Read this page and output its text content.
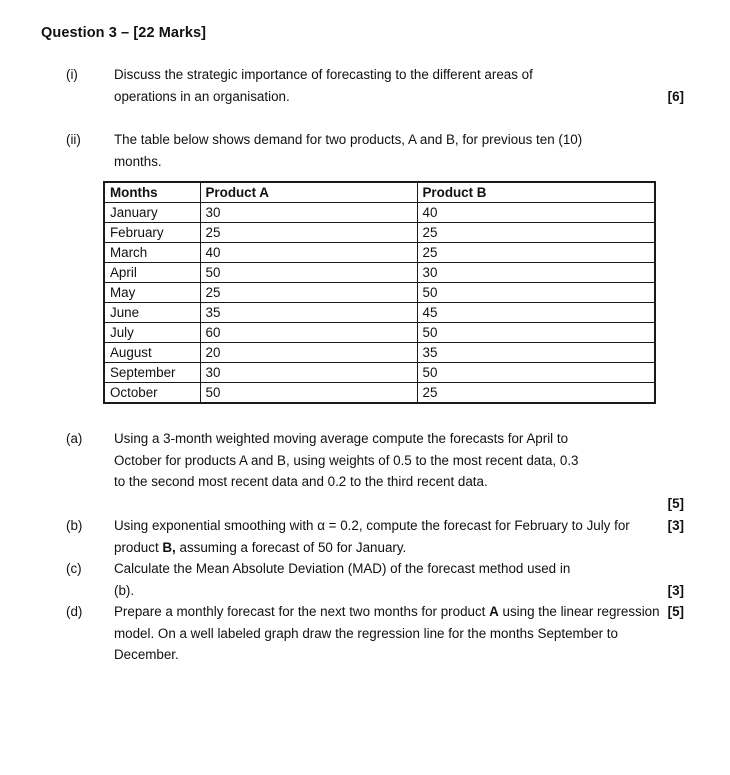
Question 3 – [22 Marks]
(i)	Discuss the strategic importance of forecasting to the different areas of
[6]
operations in an organisation.
(ii)	The table below shows demand for two products, A and B, for previous ten (10)
months.
Months	Product A	Product B
January	30	40
February	25	25
March	40	25
April	50	30
May	25	50
June	35	45
July	60	50
August	20	35
September	30	50
October	50	25
(a)	Using a 3-month weighted moving average compute the forecasts for April to
October for products A and B, using weights of 0.5 to the most recent data, 0.3
to the second most recent data and 0.2 to the third recent data.
[5]
(b)	[3]
Using exponential smoothing with α = 0.2, compute the forecast for February to July for product B, assuming a forecast of 50 for January.
(c)	Calculate the Mean Absolute Deviation (MAD) of the forecast method used in
[3]
(b).
(d)	[5]
Prepare a monthly forecast for the next two months for product A using the linear regression model. On a well labeled graph draw the regression line for the months September to December.
